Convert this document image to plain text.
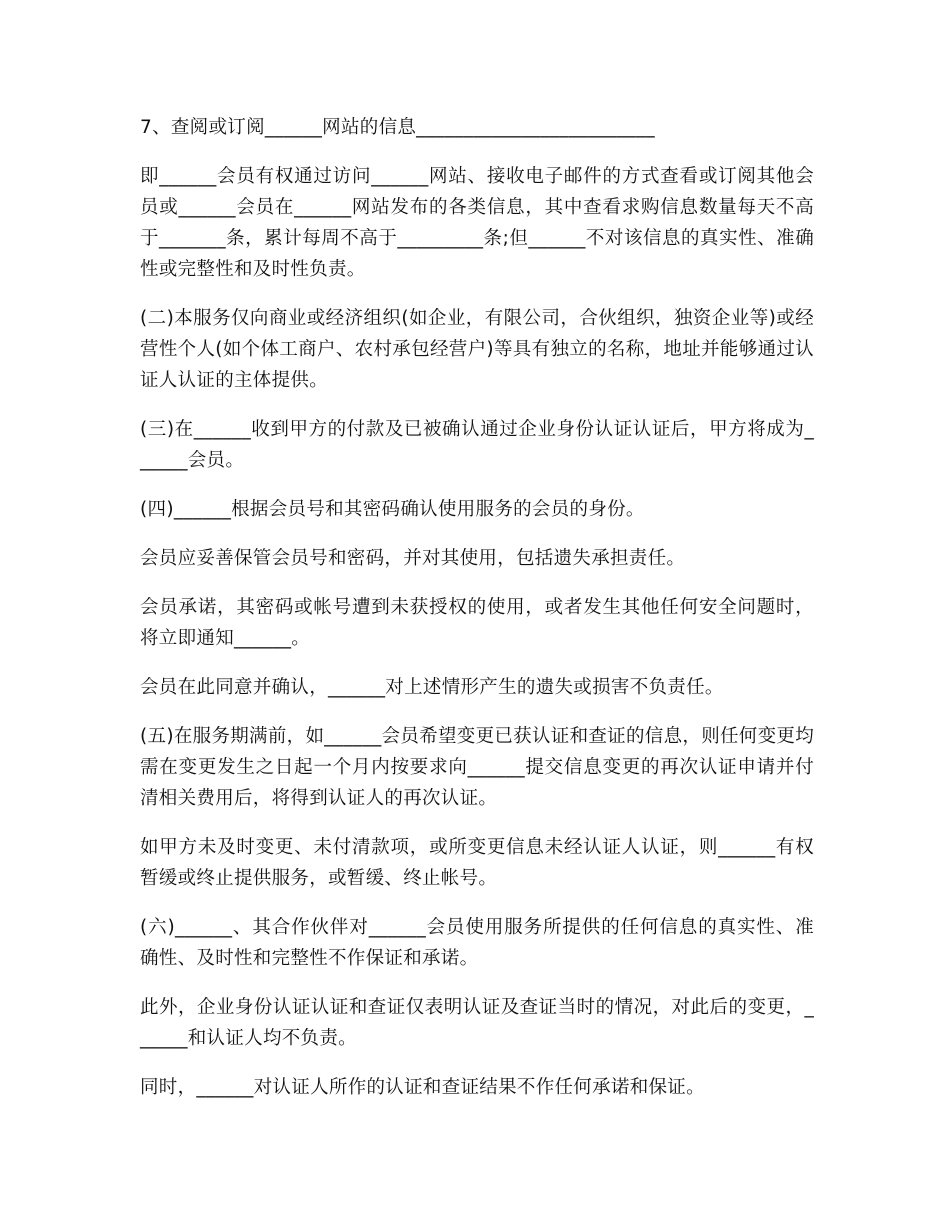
7、查阅或订阅______网站的信息_________________________

即______会员有权通过访问______网站、接收电子邮件的方式查看或订阅其他会员或______会员在______网站发布的各类信息，其中查看求购信息数量每天不高于_______条，累计每周不高于_________条;但______不对该信息的真实性、准确性或完整性和及时性负责。

(二)本服务仅向商业或经济组织(如企业，有限公司，合伙组织，独资企业等)或经营性个人(如个体工商户、农村承包经营户)等具有独立的名称，地址并能够通过认证人认证的主体提供。

(三)在______收到甲方的付款及已被确认通过企业身份认证认证后，甲方将成为______会员。

(四)______根据会员号和其密码确认使用服务的会员的身份。

会员应妥善保管会员号和密码，并对其使用，包括遗失承担责任。

会员承诺，其密码或帐号遭到未获授权的使用，或者发生其他任何安全问题时，将立即通知______。

会员在此同意并确认，______对上述情形产生的遗失或损害不负责任。

(五)在服务期满前，如______会员希望变更已获认证和查证的信息，则任何变更均需在变更发生之日起一个月内按要求向______提交信息变更的再次认证申请并付清相关费用后，将得到认证人的再次认证。

如甲方未及时变更、未付清款项，或所变更信息未经认证人认证，则______有权暂缓或终止提供服务，或暂缓、终止帐号。

(六)______、其合作伙伴对______会员使用服务所提供的任何信息的真实性、准确性、及时性和完整性不作保证和承诺。

此外，企业身份认证认证和查证仅表明认证及查证当时的情况，对此后的变更，______和认证人均不负责。

同时，______对认证人所作的认证和查证结果不作任何承诺和保证。
